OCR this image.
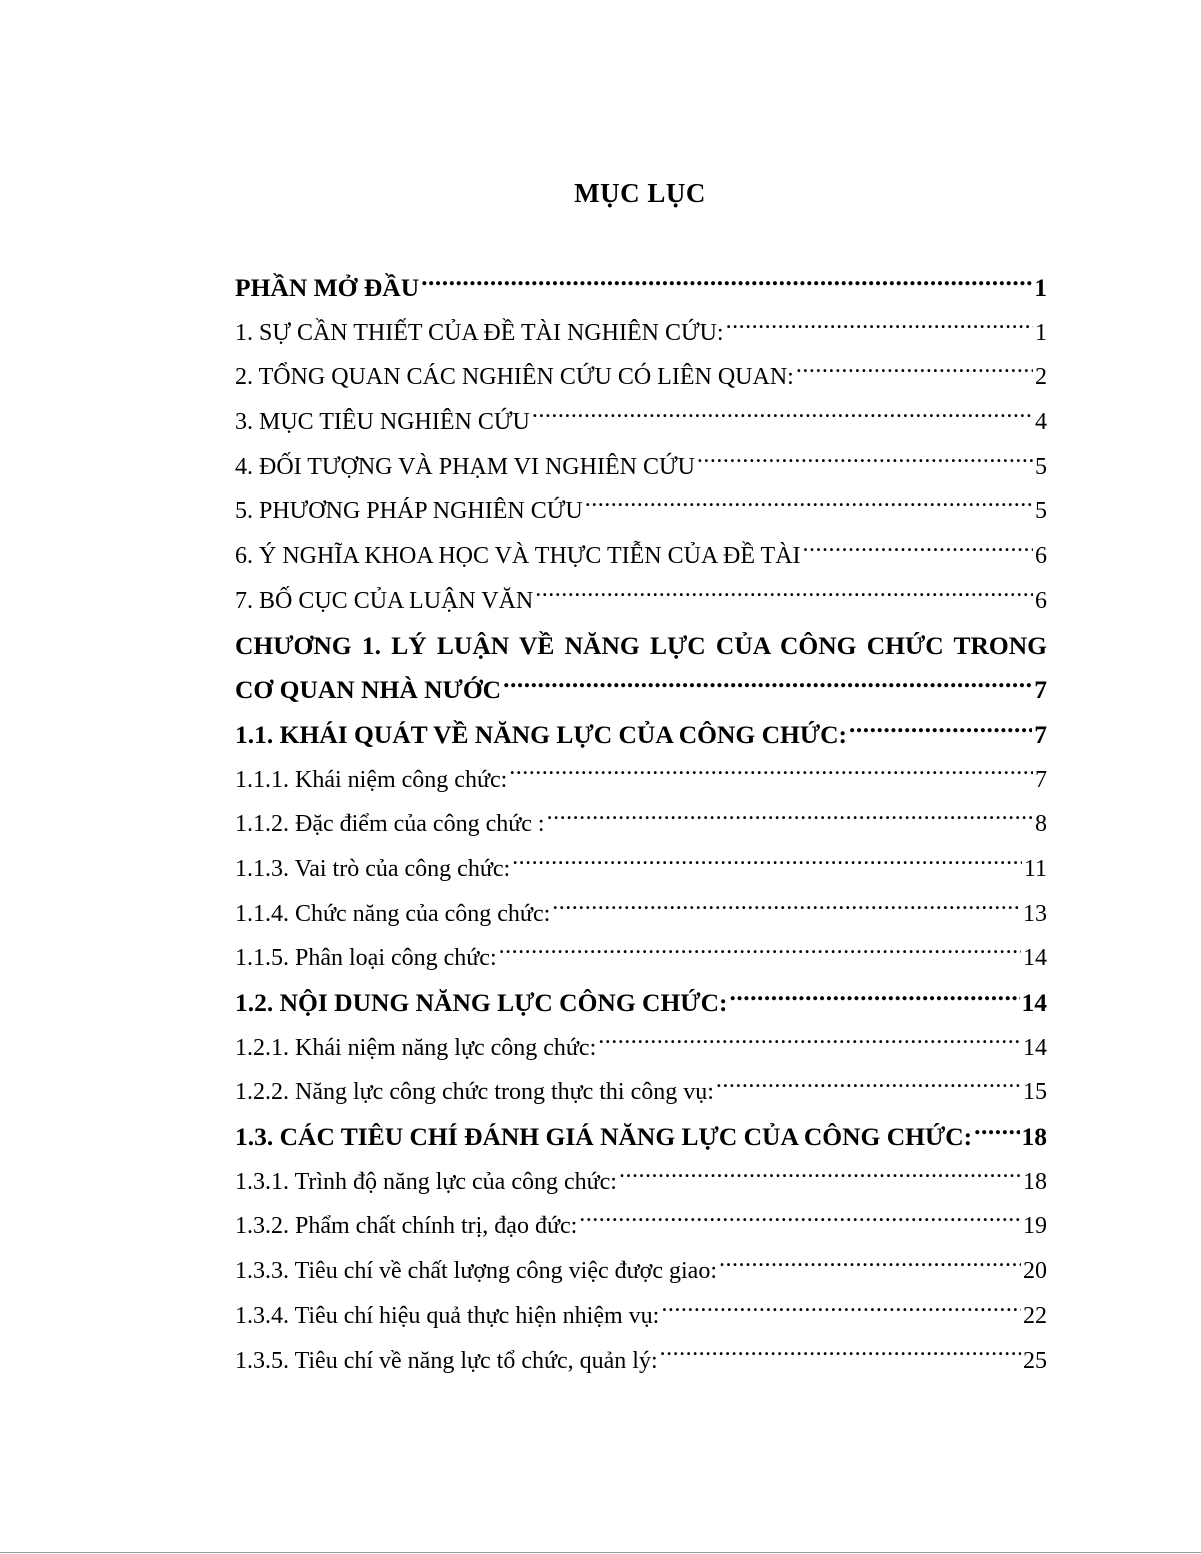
MỤC LỤC
PHẦN MỞ ĐẦU .....	1
1. SỰ CẦN THIẾT CỦA ĐỀ TÀI NGHIÊN CỨU: .....	1
2. TỔNG QUAN CÁC NGHIÊN CỨU CÓ LIÊN QUAN: .....	2
3. MỤC TIÊU NGHIÊN CỨU .....	4
4. ĐỐI TƯỢNG VÀ PHẠM VI NGHIÊN CỨU .....	5
5. PHƯƠNG PHÁP NGHIÊN CỨU .....	5
6. Ý NGHĨA KHOA HỌC VÀ THỰC TIỄN CỦA ĐỀ TÀI .....	6
7. BỐ CỤC CỦA LUẬN VĂN .....	6
CHƯƠNG 1. LÝ LUẬN VỀ NĂNG LỰC CỦA CÔNG CHỨC TRONG
CƠ QUAN NHÀ NƯỚC .....	7
1.1. KHÁI QUÁT VỀ NĂNG LỰC CỦA CÔNG CHỨC: .....	7
1.1.1. Khái niệm công chức: .....	7
1.1.2. Đặc điểm của công chức : .....	8
1.1.3. Vai trò của công chức: .....	11
1.1.4. Chức năng của công chức: .....	13
1.1.5. Phân loại công chức: .....	14
1.2. NỘI DUNG NĂNG LỰC CÔNG CHỨC: .....	14
1.2.1. Khái niệm năng lực công chức: .....	14
1.2.2. Năng lực công chức trong thực thi công vụ: .....	15
1.3. CÁC TIÊU CHÍ ĐÁNH GIÁ NĂNG LỰC CỦA CÔNG CHỨC: ..... 18
1.3.1. Trình độ năng lực của công chức: .....	18
1.3.2. Phẩm chất chính trị, đạo đức: .....	19
1.3.3. Tiêu chí về chất lượng công việc được giao: .....	20
1.3.4. Tiêu chí hiệu quả thực hiện nhiệm vụ: .....	22
1.3.5. Tiêu chí về năng lực tổ chức, quản lý: .....	25
